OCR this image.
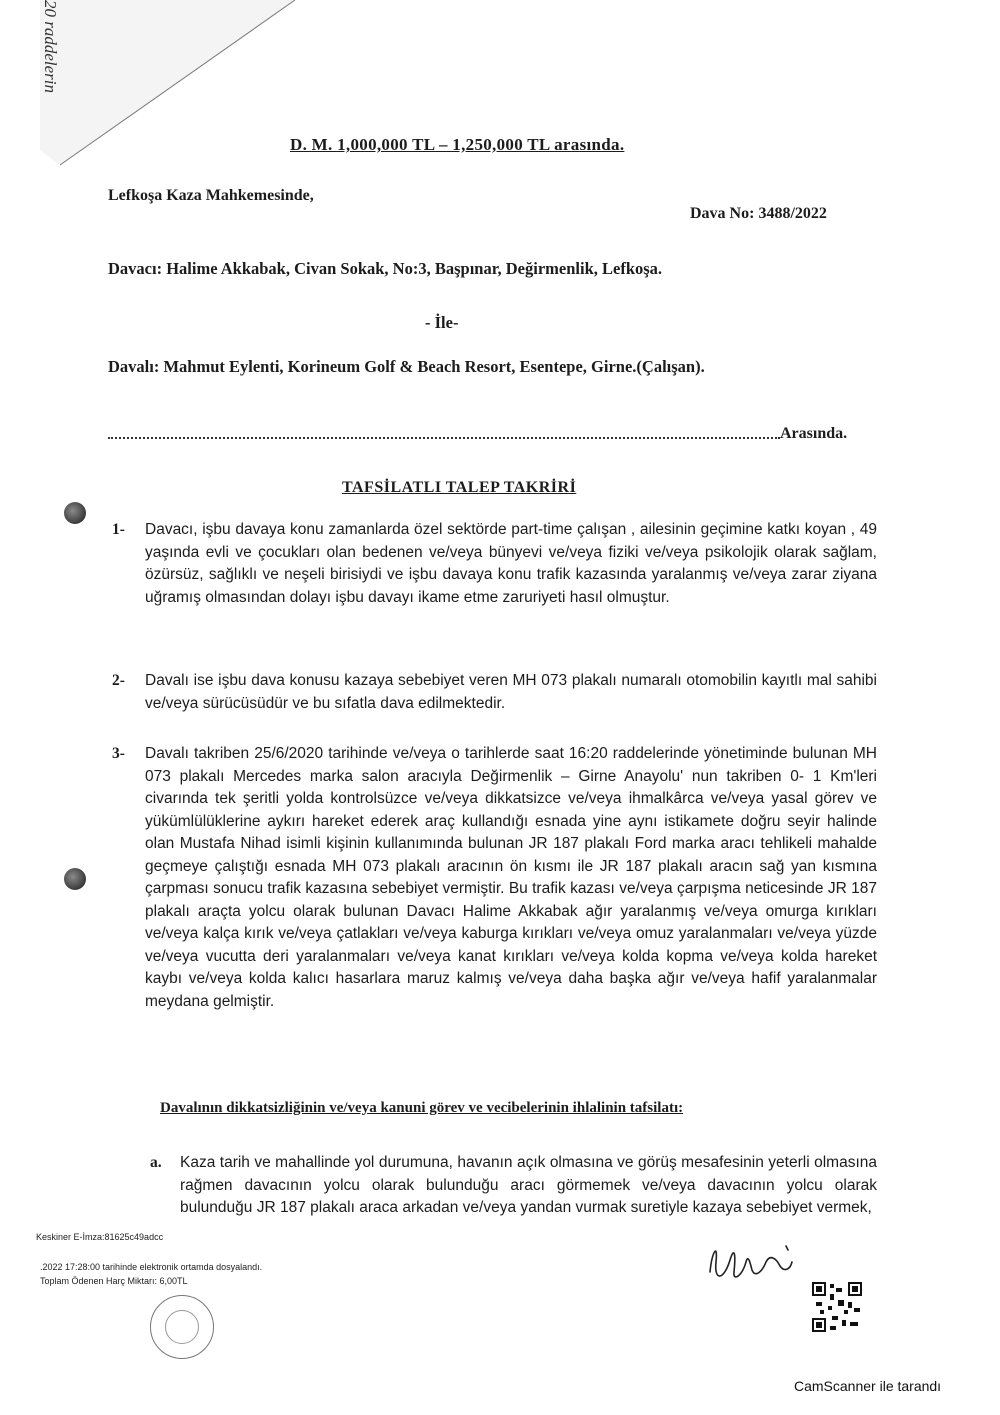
D. M. 1,000,000 TL – 1,250,000 TL arasında.
Lefkoşa Kaza Mahkemesinde,
Dava No: 3488/2022
Davacı: Halime Akkabak, Civan Sokak, No:3, Başpınar, Değirmenlik, Lefkoşa.
- İle-
Davalı: Mahmut Eylenti, Korineum Golf & Beach Resort, Esentepe, Girne.(Çalışan).
Arasında.
TAFSİLATLI TALEP TAKRİRİ
1- Davacı, işbu davaya konu zamanlarda özel sektörde part-time çalışan , ailesinin geçimine katkı koyan , 49 yaşında evli ve çocukları olan bedenen ve/veya bünyevi ve/veya fiziki ve/veya psikolojik olarak sağlam, özürsüz, sağlıklı ve neşeli birisiydi ve işbu davaya konu trafik kazasında yaralanmış ve/veya zarar ziyana uğramış olmasından dolayı işbu davayı ikame etme zaruriyeti hasıl olmuştur.
2- Davalı ise işbu dava konusu kazaya sebebiyet veren MH 073 plakalı numaralı otomobilin kayıtlı mal sahibi ve/veya sürücüsüdür ve bu sıfatla dava edilmektedir.
3- Davalı takriben 25/6/2020 tarihinde ve/veya o tarihlerde saat 16:20 raddelerinde yönetiminde bulunan MH 073 plakalı Mercedes marka salon aracıyla Değirmenlik – Girne Anayolu' nun takriben 0- 1 Km'leri civarında tek şeritli yolda kontrolsüzce ve/veya dikkatsizce ve/veya ihmalkârca ve/veya yasal görev ve yükümlülüklerine aykırı hareket ederek araç kullandığı esnada yine aynı istikamete doğru seyir halinde olan Mustafa Nihad isimli kişinin kullanımında bulunan JR 187 plakalı Ford marka aracı tehlikeli mahalde geçmeye çalıştığı esnada MH 073 plakalı aracının ön kısmı ile JR 187 plakalı aracın sağ yan kısmına çarpması sonucu trafik kazasına sebebiyet vermiştir. Bu trafik kazası ve/veya çarpışma neticesinde JR 187 plakalı araçta yolcu olarak bulunan Davacı Halime Akkabak ağır yaralanmış ve/veya omurga kırıkları ve/veya kalça kırık ve/veya çatlakları ve/veya kaburga kırıkları ve/veya omuz yaralanmaları ve/veya yüzde ve/veya vucutta deri yaralanmaları ve/veya kanat kırıkları ve/veya kolda kopma ve/veya kolda hareket kaybı ve/veya kolda kalıcı hasarlara maruz kalmış ve/veya daha başka ağır ve/veya hafif yaralanmalar meydana gelmiştir.
Davalının dikkatsizliğinin ve/veya kanuni görev ve vecibelerinin ihlalinin tafsilatı:
a. Kaza tarih ve mahallinde yol durumuna, havanın açık olmasına ve görüş mesafesinin yeterli olmasına rağmen davacının yolcu olarak bulunduğu aracı görmemek ve/veya davacının yolcu olarak bulunduğu JR 187 plakalı araca arkadan ve/veya yandan vurmak suretiyle kazaya sebebiyet vermek,
Keskiner E-İmza:81625c49adcc
.2022 17:28:00 tarihinde elektronik ortamda dosyalandı.
Toplam Ödenen Harç Miktarı: 6,00TL
CamScanner ile tarandı
